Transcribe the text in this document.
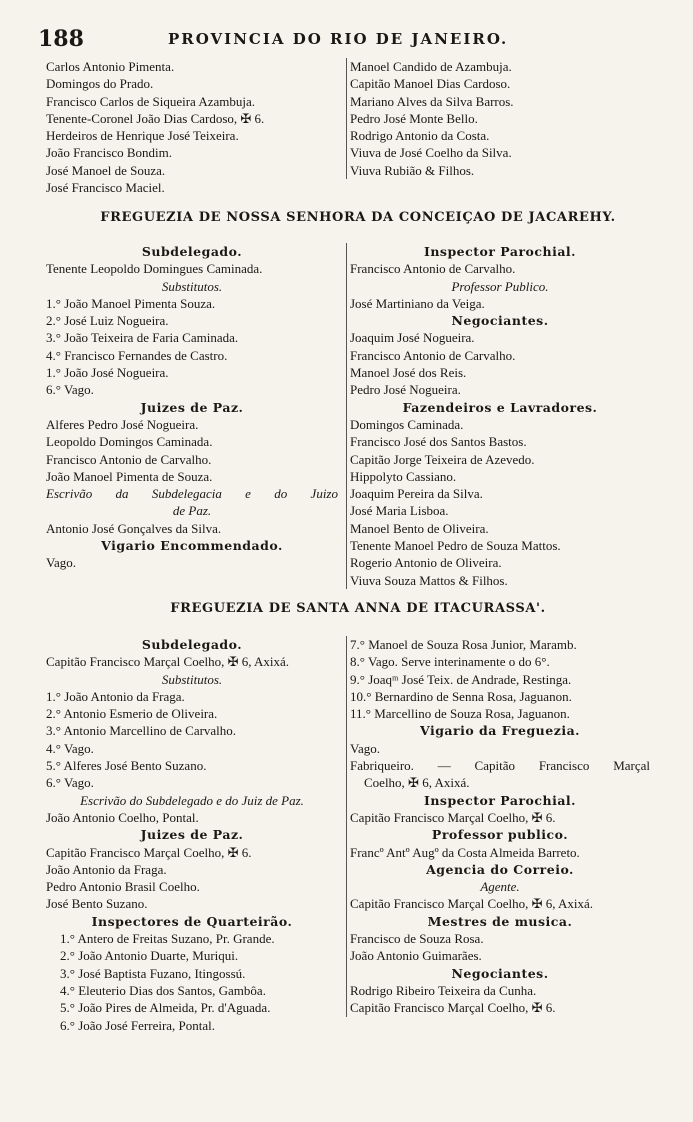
188	PROVINCIA DO RIO DE JANEIRO.
Carlos Antonio Pimenta.
Domingos do Prado.
Francisco Carlos de Siqueira Azambuja.
Tenente-Coronel João Dias Cardoso, ✠ 6.
Herdeiros de Henrique José Teixeira.
João Francisco Bondim.
José Manoel de Souza.
José Francisco Maciel.
Manoel Candido de Azambuja.
Capitão Manoel Dias Cardoso.
Mariano Alves da Silva Barros.
Pedro José Monte Bello.
Rodrigo Antonio da Costa.
Viuva de José Coelho da Silva.
Viuva Rubião & Filhos.
FREGUEZIA DE NOSSA SENHORA DA CONCEIÇAO DE JACAREHY.
Subdelegado.
Tenente Leopoldo Domingues Caminada.
Substitutos.
1.° João Manoel Pimenta Souza.
2.° José Luiz Nogueira.
3.° João Teixeira de Faria Caminada.
4.° Francisco Fernandes de Castro.
1.° João José Nogueira.
6.° Vago.
Juizes de Paz.
Alferes Pedro José Nogueira.
Leopoldo Domingos Caminada.
Francisco Antonio de Carvalho.
João Manoel Pimenta de Souza.
Escrivão da Subdelegacia e do Juizo
de Paz.
Antonio José Gonçalves da Silva.
Vigario Encommendado.
Vago.
Inspector Parochial.
Francisco Antonio de Carvalho.
Professor Publico.
José Martiniano da Veiga.
Negociantes.
Joaquim José Nogueira.
Francisco Antonio de Carvalho.
Manoel José dos Reis.
Pedro José Nogueira.
Fazendeiros e Lavradores.
Domingos Caminada.
Francisco José dos Santos Bastos.
Capitão Jorge Teixeira de Azevedo.
Hippolyto Cassiano.
Joaquim Pereira da Silva.
José Maria Lisboa.
Manoel Bento de Oliveira.
Tenente Manoel Pedro de Souza Mattos.
Rogerio Antonio de Oliveira.
Viuva Souza Mattos & Filhos.
FREGUEZIA DE SANTA ANNA DE ITACURASSA'.
Subdelegado.
Capitão Francisco Marçal Coelho, ✠ 6, Axixá.
Substitutos.
1.° João Antonio da Fraga.
2.° Antonio Esmerio de Oliveira.
3.° Antonio Marcellino de Carvalho.
4.° Vago.
5.° Alferes José Bento Suzano.
6.° Vago.
Escrivão do Subdelegado e do Juiz de Paz.
João Antonio Coelho, Pontal.
Juizes de Paz.
Capitão Francisco Marçal Coelho, ✠ 6.
João Antonio da Fraga.
Pedro Antonio Brasil Coelho.
José Bento Suzano.
Inspectores de Quarteirão.
1.° Antero de Freitas Suzano, Pr. Grande.
2.° João Antonio Duarte, Muriqui.
3.° José Baptista Fuzano, Itingossú.
4.° Eleuterio Dias dos Santos, Gambôa.
5.° João Pires de Almeida, Pr. d'Aguada.
6.° João José Ferreira, Pontal.
7.° Manoel de Souza Rosa Junior, Maramb.
8.° Vago. Serve interinamente o do 6°.
9.° Joaqᵐ José Teix. de Andrade, Restinga.
10.° Bernardino de Senna Rosa, Jaguanon.
11.° Marcellino de Souza Rosa, Jaguanon.
Vigario da Freguezia.
Vago.
Fabriqueiro. — Capitão Francisco Marçal
Coelho, ✠ 6, Axixá.
Inspector Parochial.
Capitão Francisco Marçal Coelho, ✠ 6.
Professor publico.
Francº Antº Augº da Costa Almeida Barreto.
Agencia do Correio.
Agente.
Capitão Francisco Marçal Coelho, ✠ 6, Axixá.
Mestres de musica.
Francisco de Souza Rosa.
João Antonio Guimarães.
Negociantes.
Rodrigo Ribeiro Teixeira da Cunha.
Capitão Francisco Marçal Coelho, ✠ 6.
